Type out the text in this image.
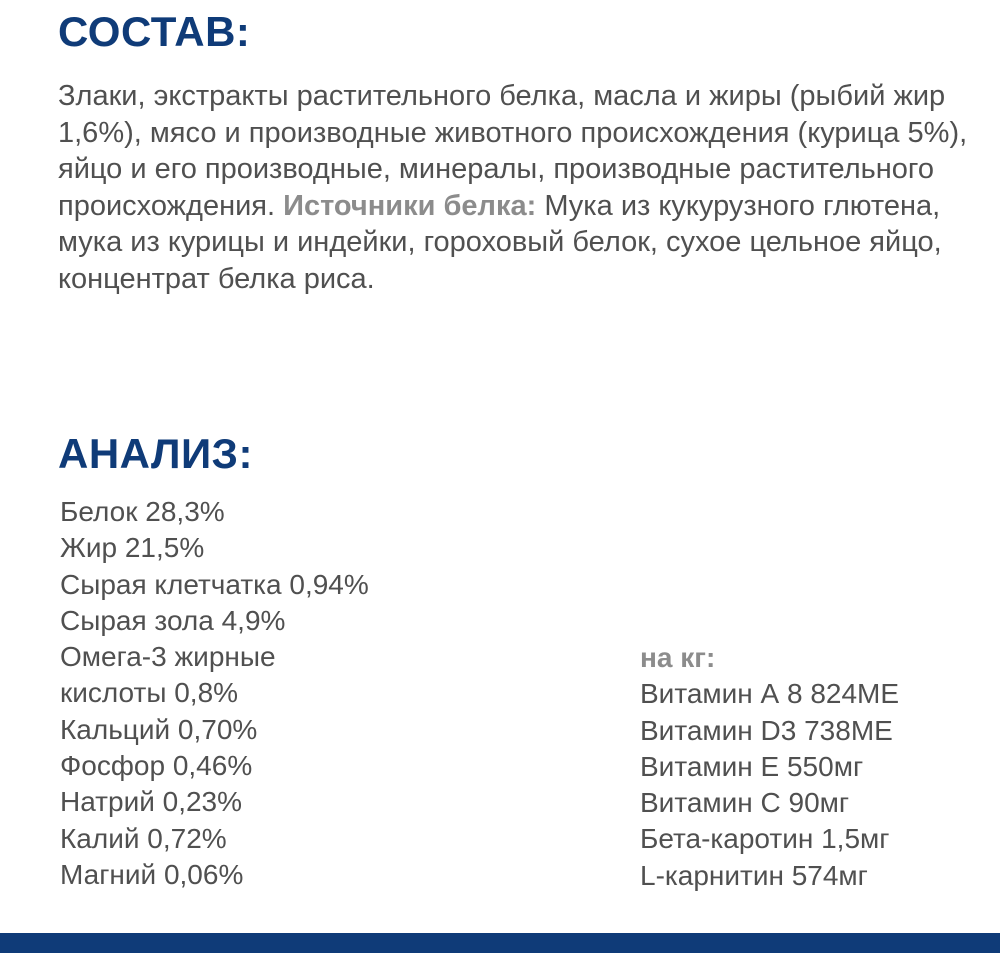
СОСТАВ:

Злаки, экстракты растительного белка, масла и жиры (рыбий жир 1,6%), мясо и производные животного происхождения (курица 5%), яйцо и его производные, минералы, производные растительного происхождения. Источники белка: Мука из кукурузного глютена, мука из курицы и индейки, гороховый белок, сухое цельное яйцо, концентрат белка риса.

АНАЛИЗ:
Белок 28,3%
Жир 21,5%
Сырая клетчатка 0,94%
Сырая зола 4,9%
Омега-3 жирные
кислоты 0,8%
Кальций 0,70%
Фосфор 0,46%
Натрий 0,23%
Калий 0,72%
Магний 0,06%
на кг:
Витамин А 8 824МЕ
Витамин D3 738МЕ
Витамин Е 550мг
Витамин С 90мг
Бета-каротин 1,5мг
L-карнитин 574мг
